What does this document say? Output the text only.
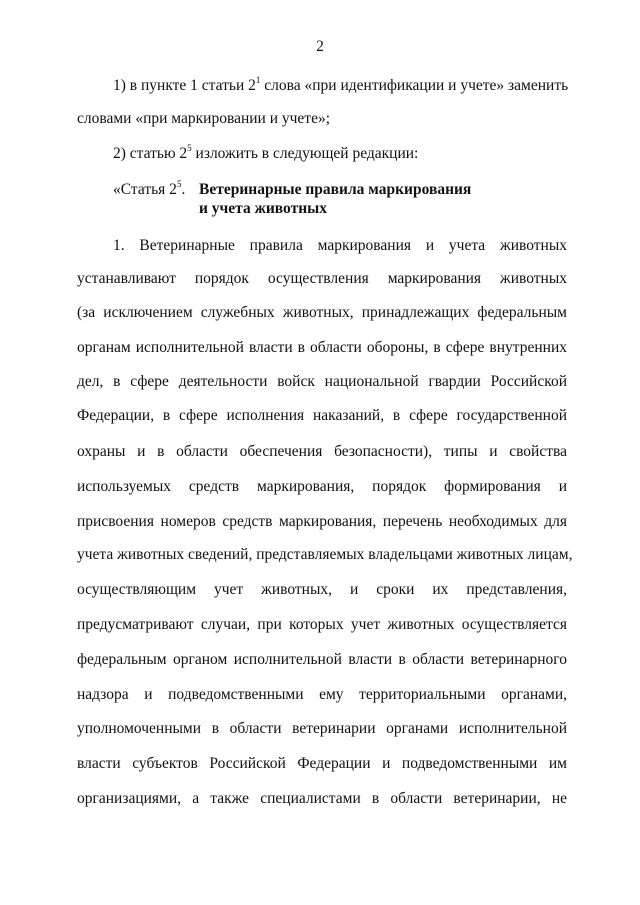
2
1) в пункте 1 статьи $2^1$ слова «при идентификации и учете» заменить
словами «при маркировании и учете»;
2) статью $2^5$ изложить в следующей редакции:
«Статья $2^5$. Ветеринарные правила маркирования
и учета животных
1. Ветеринарные правила маркирования и учета животных
устанавливают порядок осуществления маркирования животных
(за исключением служебных животных, принадлежащих федеральным
органам исполнительной власти в области обороны, в сфере внутренних
дел, в сфере деятельности войск национальной гвардии Российской
Федерации, в сфере исполнения наказаний, в сфере государственной
охраны и в области обеспечения безопасности), типы и свойства
используемых средств маркирования, порядок формирования и
присвоения номеров средств маркирования, перечень необходимых для
учета животных сведений, представляемых владельцами животных лицам,
осуществляющим учет животных, и сроки их представления,
предусматривают случаи, при которых учет животных осуществляется
федеральным органом исполнительной власти в области ветеринарного
надзора и подведомственными ему территориальными органами,
уполномоченными в области ветеринарии органами исполнительной
власти субъектов Российской Федерации и подведомственными им
организациями, а также специалистами в области ветеринарии, не
